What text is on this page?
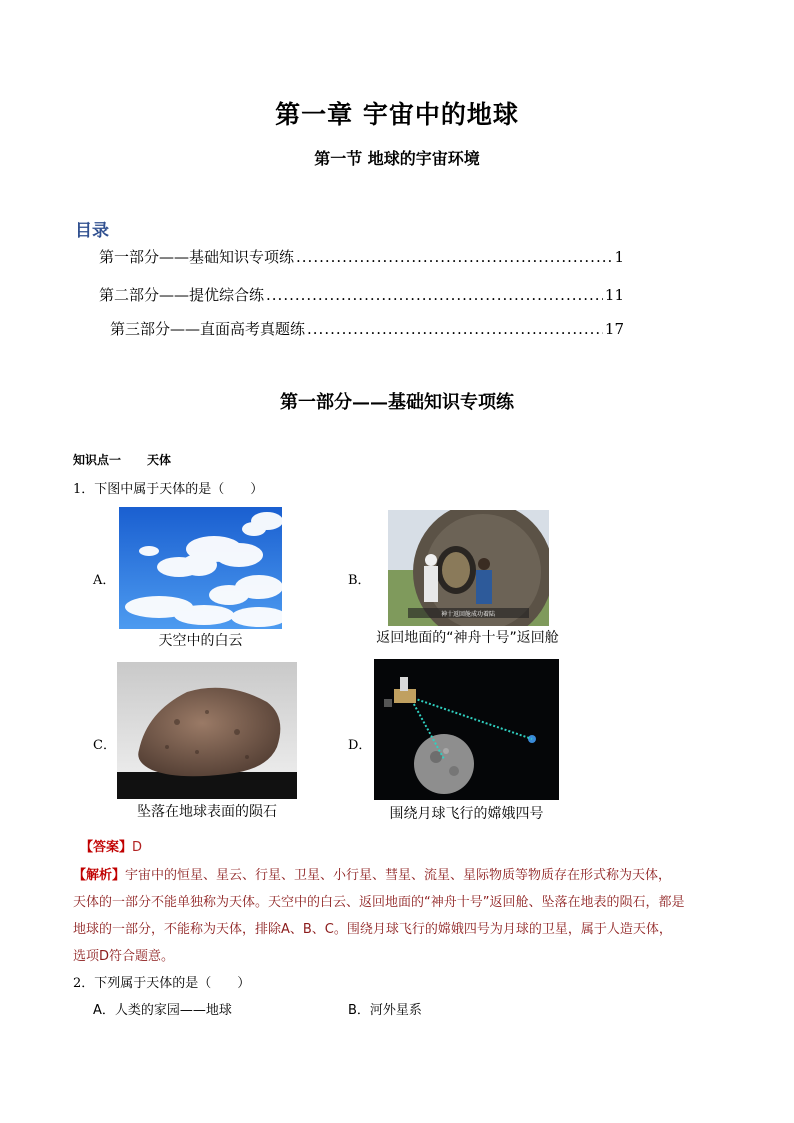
第一章 宇宙中的地球
第一节 地球的宇宙环境
目录
第一部分——基础知识专项练 .....	1
第二部分——提优综合练 .....	11
第三部分——直面高考真题练 .....	17
第一部分——基础知识专项练
知识点一 天体
1．下图中属于天体的是（　　）
A．
天空中的白云
B．
神十返回舱成功着陆
返回地面的“神舟十号”返回舱
C．
坠落在地球表面的陨石
D．
围绕月球飞行的嫦娥四号
【答案】D
【解析】宇宙中的恒星、星云、行星、卫星、小行星、彗星、流星、星际物质等物质存在形式称为天体，
天体的一部分不能单独称为天体。天空中的白云、返回地面的“神舟十号”返回舱、坠落在地表的陨石，都是
地球的一部分，不能称为天体，排除A、B、C。围绕月球飞行的嫦娥四号为月球的卫星，属于人造天体，
选项D符合题意。
2．下列属于天体的是（　　）
A．人类的家园——地球	B．河外星系
